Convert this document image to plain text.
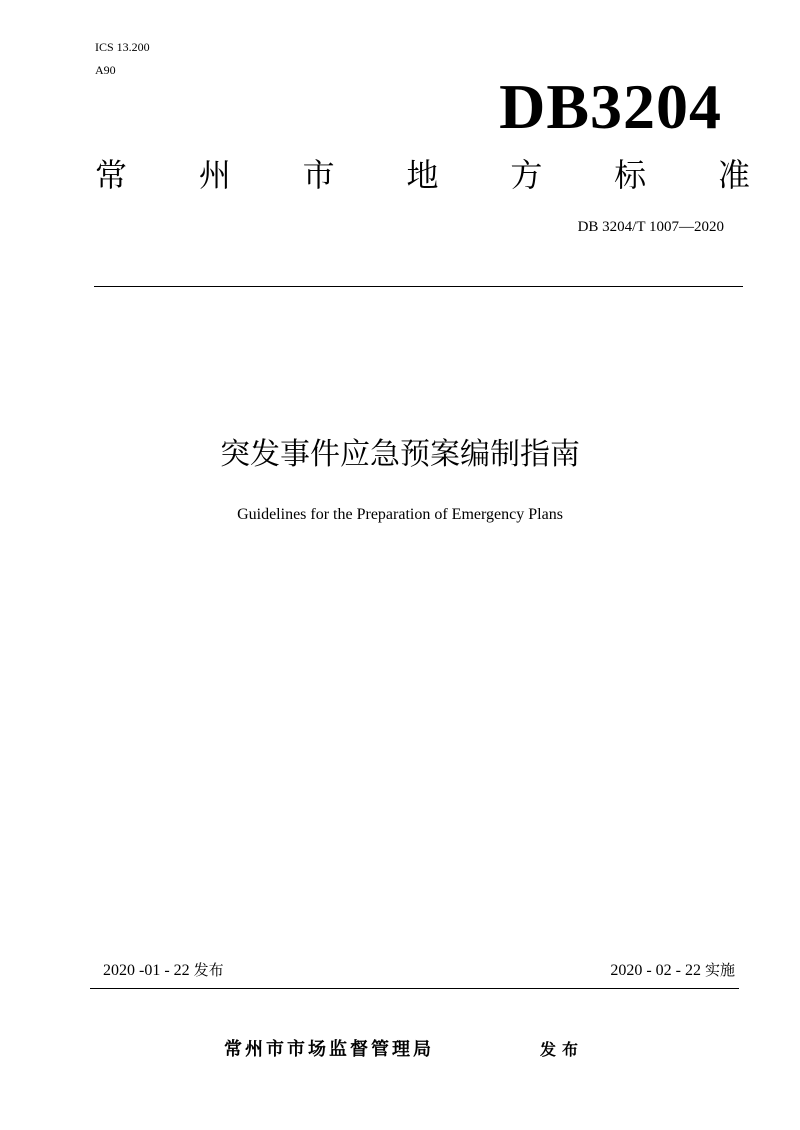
ICS 13.200
A90
DB3204
常 州 市 地 方 标 准
DB 3204/T 1007—2020
突发事件应急预案编制指南
Guidelines for the Preparation of Emergency Plans
2020 -01 - 22 发布	2020 - 02 - 22 实施
常州市市场监督管理局	发布
